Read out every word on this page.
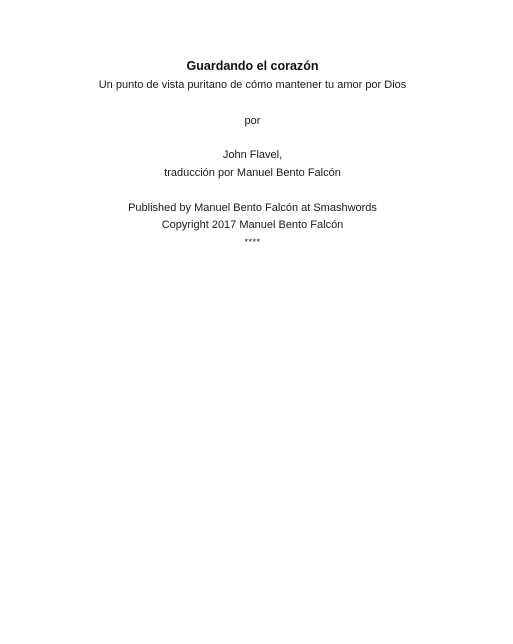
Guardando el corazón
Un punto de vista puritano de cómo mantener tu amor por Dios
por
John Flavel,
traducción por Manuel Bento Falcón
Published by Manuel Bento Falcón at Smashwords
Copyright 2017 Manuel Bento Falcón
****
